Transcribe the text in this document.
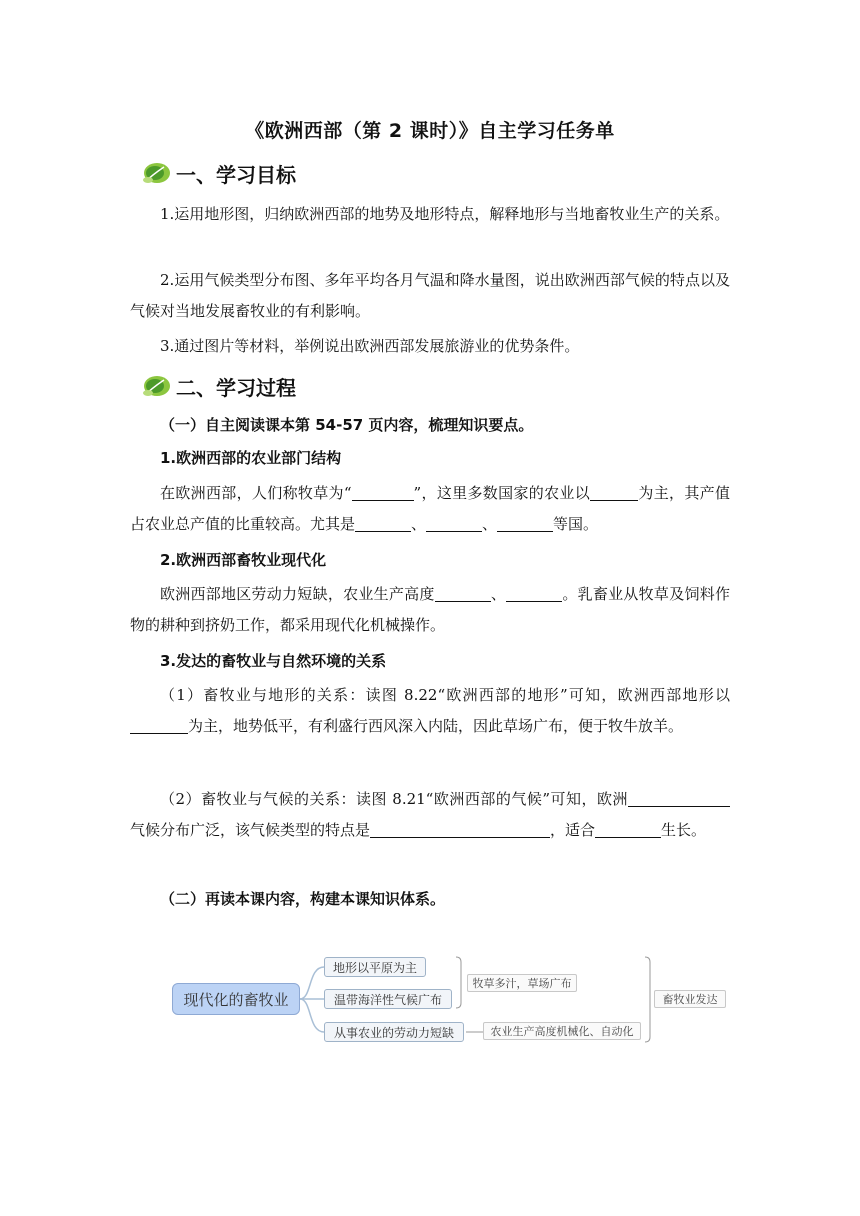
《欧洲西部（第 2 课时）》自主学习任务单
一、学习目标
1.运用地形图，归纳欧洲西部的地势及地形特点，解释地形与当地畜牧业生产的关系。
2.运用气候类型分布图、多年平均各月气温和降水量图，说出欧洲西部气候的特点以及气候对当地发展畜牧业的有利影响。
3.通过图片等材料，举例说出欧洲西部发展旅游业的优势条件。
二、学习过程
（一）自主阅读课本第 54-57 页内容，梳理知识要点。
1.欧洲西部的农业部门结构
在欧洲西部，人们称牧草为“	”，这里多数国家的农业以	为主，其产值占农业总产值的比重较高。尤其是	、	、	等国。
2.欧洲西部畜牧业现代化
欧洲西部地区劳动力短缺，农业生产高度	、	。乳畜业从牧草及饲料作物的耕种到挤奶工作，都采用现代化机械操作。
3.发达的畜牧业与自然环境的关系
（1）畜牧业与地形的关系：读图 8.22“欧洲西部的地形”可知，欧洲西部地形以为主，地势低平，有利盛行西风深入内陆，因此草场广布，便于牧牛放羊。
（2）畜牧业与气候的关系：读图 8.21“欧洲西部的气候”可知，欧洲气候分布广泛，该气候类型的特点是	，适合	生长。
（二）再读本课内容，构建本课知识体系。
现代化的畜牧业
地形以平原为主
温带海洋性气候广布
从事农业的劳动力短缺
牧草多汁，草场广布
农业生产高度机械化、自动化
畜牧业发达
